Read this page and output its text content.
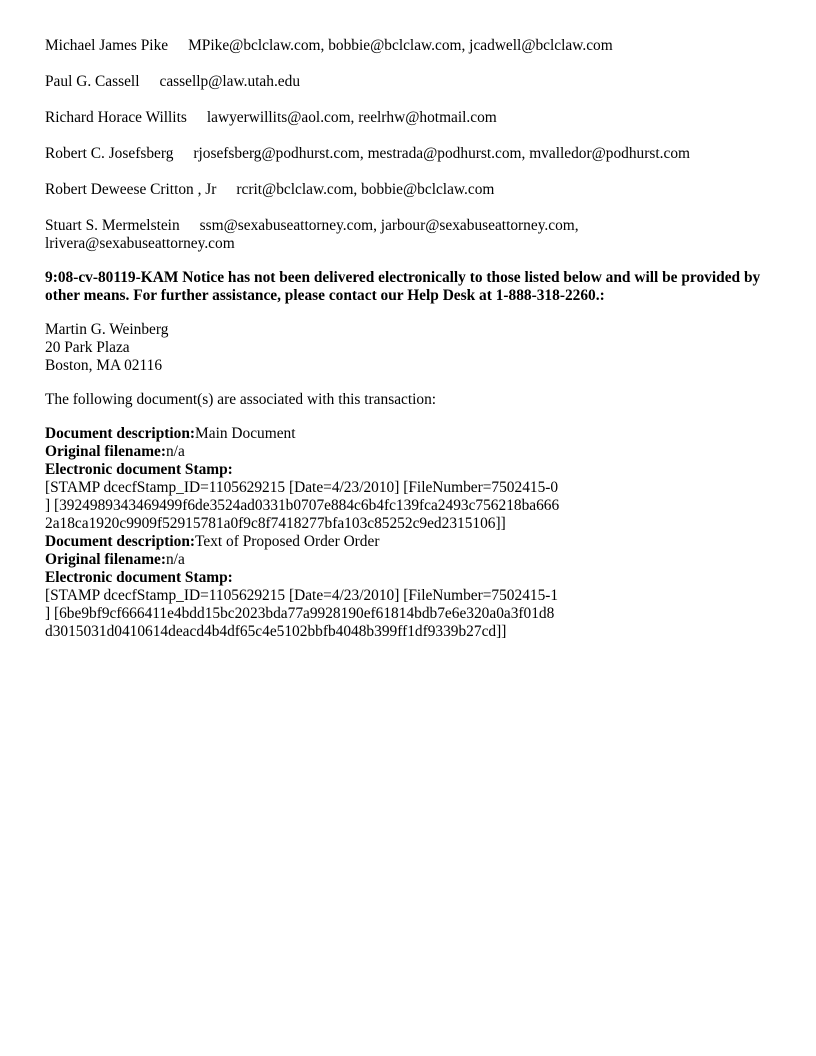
Michael James Pike MPike@bclclaw.com, bobbie@bclclaw.com, jcadwell@bclclaw.com
Paul G. Cassell cassellp@law.utah.edu
Richard Horace Willits lawyerwillits@aol.com, reelrhw@hotmail.com
Robert C. Josefsberg rjosefsberg@podhurst.com, mestrada@podhurst.com, mvalledor@podhurst.com
Robert Deweese Critton , Jr rcrit@bclclaw.com, bobbie@bclclaw.com
Stuart S. Mermelstein ssm@sexabuseattorney.com, jarbour@sexabuseattorney.com, lrivera@sexabuseattorney.com
9:08-cv-80119-KAM Notice has not been delivered electronically to those listed below and will be provided by other means. For further assistance, please contact our Help Desk at 1-888-318-2260.:
Martin G. Weinberg
20 Park Plaza
Boston, MA 02116
The following document(s) are associated with this transaction:
Document description:Main Document
Original filename:n/a
Electronic document Stamp:
[STAMP dcecfStamp_ID=1105629215 [Date=4/23/2010] [FileNumber=7502415-0
] [3924989343469499f6de3524ad0331b0707e884c6b4fc139fca2493c756218ba666
2a18ca1920c9909f52915781a0f9c8f7418277bfa103c85252c9ed2315106]]
Document description:Text of Proposed Order Order
Original filename:n/a
Electronic document Stamp:
[STAMP dcecfStamp_ID=1105629215 [Date=4/23/2010] [FileNumber=7502415-1
] [6be9bf9cf666411e4bdd15bc2023bda77a9928190ef61814bdb7e6e320a0a3f01d8
d3015031d0410614deacd4b4df65c4e5102bbfb4048b399ff1df9339b27cd]]
